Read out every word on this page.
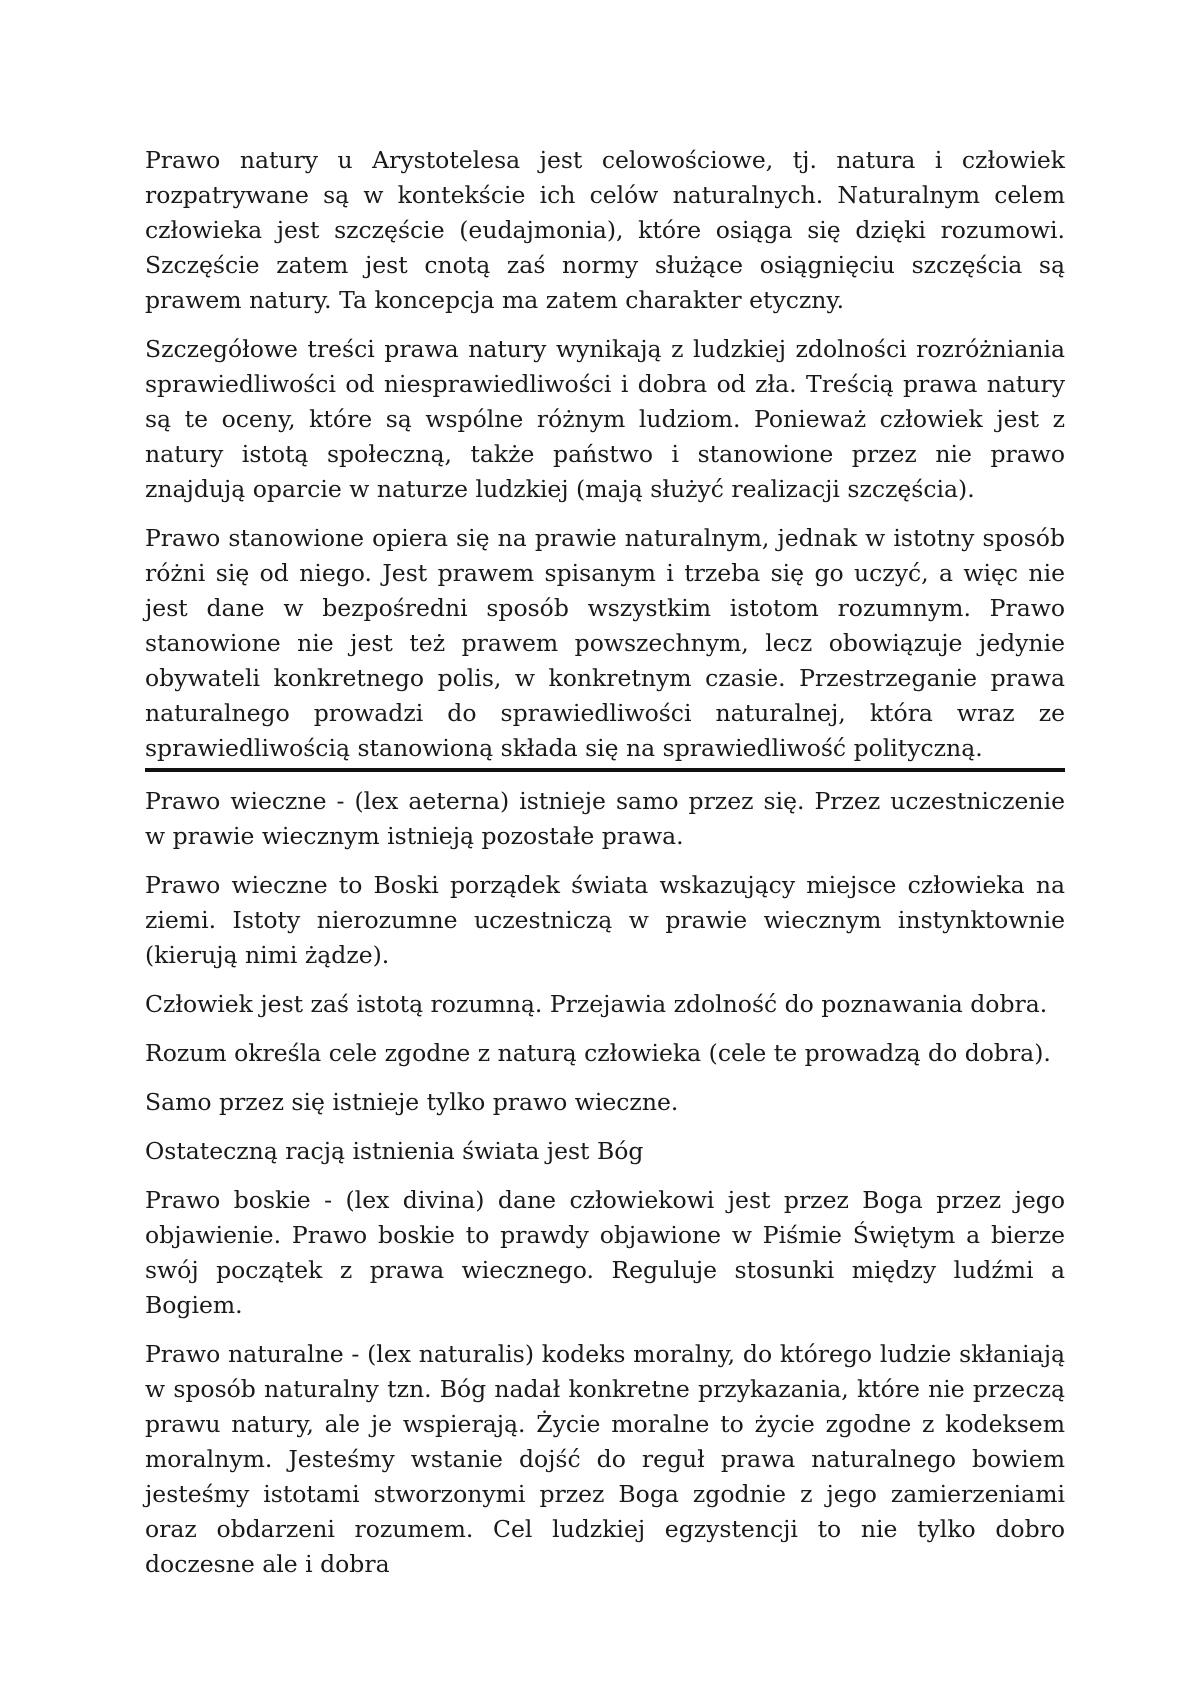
Prawo natury u Arystotelesa jest celowościowe, tj. natura i człowiek rozpatrywane są w kontekście ich celów naturalnych. Naturalnym celem człowieka jest szczęście (eudajmonia), które osiąga się dzięki rozumowi. Szczęście zatem jest cnotą zaś normy służące osiągnięciu szczęścia są prawem natury. Ta koncepcja ma zatem charakter etyczny.

Szczegółowe treści prawa natury wynikają z ludzkiej zdolności rozróżniania sprawiedliwości od niesprawiedliwości i dobra od zła. Treścią prawa natury są te oceny, które są wspólne różnym ludziom. Ponieważ człowiek jest z natury istotą społeczną, także państwo i stanowione przez nie prawo znajdują oparcie w naturze ludzkiej (mają służyć realizacji szczęścia).

Prawo stanowione opiera się na prawie naturalnym, jednak w istotny sposób różni się od niego. Jest prawem spisanym i trzeba się go uczyć, a więc nie jest dane w bezpośredni sposób wszystkim istotom rozumnym. Prawo stanowione nie jest też prawem powszechnym, lecz obowiązuje jedynie obywateli konkretnego polis, w konkretnym czasie. Przestrzeganie prawa naturalnego prowadzi do sprawiedliwości naturalnej, która wraz ze sprawiedliwością stanowioną składa się na sprawiedliwość polityczną.

Prawo wieczne - (lex aeterna) istnieje samo przez się. Przez uczestniczenie w prawie wiecznym istnieją pozostałe prawa.

Prawo wieczne to Boski porządek świata wskazujący miejsce człowieka na ziemi. Istoty nierozumne uczestniczą w prawie wiecznym instynktownie (kierują nimi żądze).

Człowiek jest zaś istotą rozumną. Przejawia zdolność do poznawania dobra.

Rozum określa cele zgodne z naturą człowieka (cele te prowadzą do dobra).

Samo przez się istnieje tylko prawo wieczne.

Ostateczną racją istnienia świata jest Bóg

Prawo boskie - (lex divina) dane człowiekowi jest przez Boga przez jego objawienie. Prawo boskie to prawdy objawione w Piśmie Świętym a bierze swój początek z prawa wiecznego. Reguluje stosunki między ludźmi a Bogiem.

Prawo naturalne - (lex naturalis) kodeks moralny, do którego ludzie skłaniają w sposób naturalny tzn. Bóg nadał konkretne przykazania, które nie przeczą prawu natury, ale je wspierają. Życie moralne to życie zgodne z kodeksem moralnym. Jesteśmy wstanie dojść do reguł prawa naturalnego bowiem jesteśmy istotami stworzonymi przez Boga zgodnie z jego zamierzeniami oraz obdarzeni rozumem. Cel ludzkiej egzystencji to nie tylko dobro doczesne ale i dobra
